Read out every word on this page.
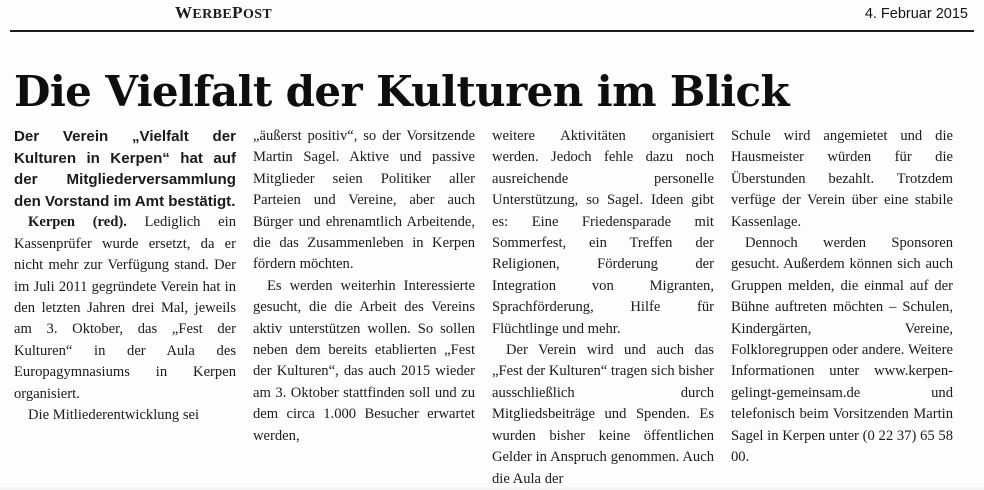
WERBEPOST	4. Februar 2015
Die Vielfalt der Kulturen im Blick

Der Verein „Vielfalt der Kulturen in Kerpen“ hat auf der Mitgliederversammlung den Vorstand im Amt bestätigt.

Kerpen (red). Lediglich ein Kassenprüfer wurde ersetzt, da er nicht mehr zur Verfügung stand. Der im Juli 2011 gegründete Verein hat in den letzten Jahren drei Mal, jeweils am 3. Oktober, das „Fest der Kulturen“ in der Aula des Europagymnasiums in Kerpen organisiert.

Die Mitliederentwicklung sei

„äußerst positiv“, so der Vorsitzende Martin Sagel. Aktive und passive Mitglieder seien Politiker aller Parteien und Vereine, aber auch Bürger und ehrenamtlich Arbeitende, die das Zusammenleben in Kerpen fördern möchten.

Es werden weiterhin Interessierte gesucht, die die Arbeit des Vereins aktiv unterstützen wollen. So sollen neben dem bereits etablierten „Fest der Kulturen“, das auch 2015 wieder am 3. Oktober stattfinden soll und zu dem circa 1.000 Besucher erwartet werden,

weitere Aktivitäten organisiert werden. Jedoch fehle dazu noch ausreichende personelle Unterstützung, so Sagel. Ideen gibt es: Eine Friedensparade mit Sommerfest, ein Treffen der Religionen, Förderung der Integration von Migranten, Sprachförderung, Hilfe für Flüchtlinge und mehr.

Der Verein wird und auch das „Fest der Kulturen“ tragen sich bisher ausschließlich durch Mitgliedsbeiträge und Spenden. Es wurden bisher keine öffentlichen Gelder in Anspruch genommen. Auch die Aula der

Schule wird angemietet und die Hausmeister würden für die Überstunden bezahlt. Trotzdem verfüge der Verein über eine stabile Kassenlage.

Dennoch werden Sponsoren gesucht. Außerdem können sich auch Gruppen melden, die einmal auf der Bühne auftreten möchten – Schulen, Kindergärten, Vereine, Folkloregruppen oder andere. Weitere Informationen unter www.kerpen-gelingt-gemeinsam.de und telefonisch beim Vorsitzenden Martin Sagel in Kerpen unter (0 22 37) 65 58 00.
